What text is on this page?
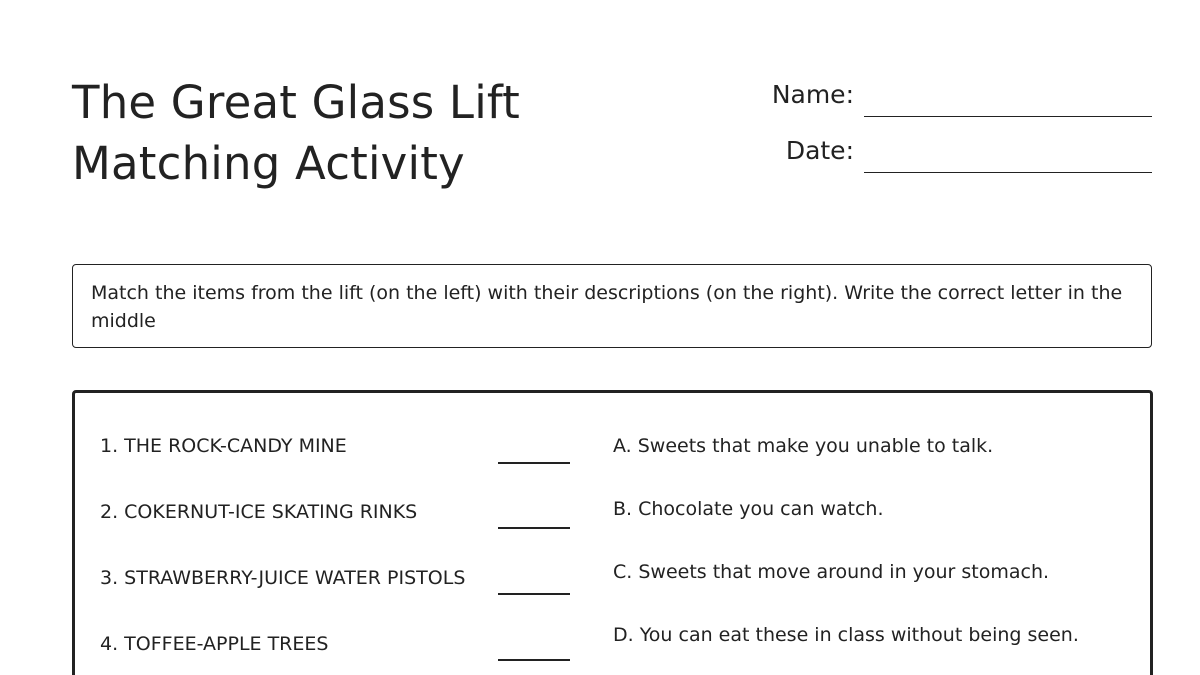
The Great Glass Lift
Matching Activity
Name:
Date:
Match the items from the lift (on the left) with their descriptions (on the right). Write the correct letter in the middle
1. THE ROCK-CANDY MINE
2. COKERNUT-ICE SKATING RINKS
3. STRAWBERRY-JUICE WATER PISTOLS
4. TOFFEE-APPLE TREES
A. Sweets that make you unable to talk.
B. Chocolate you can watch.
C. Sweets that move around in your stomach.
D. You can eat these in class without being seen.
